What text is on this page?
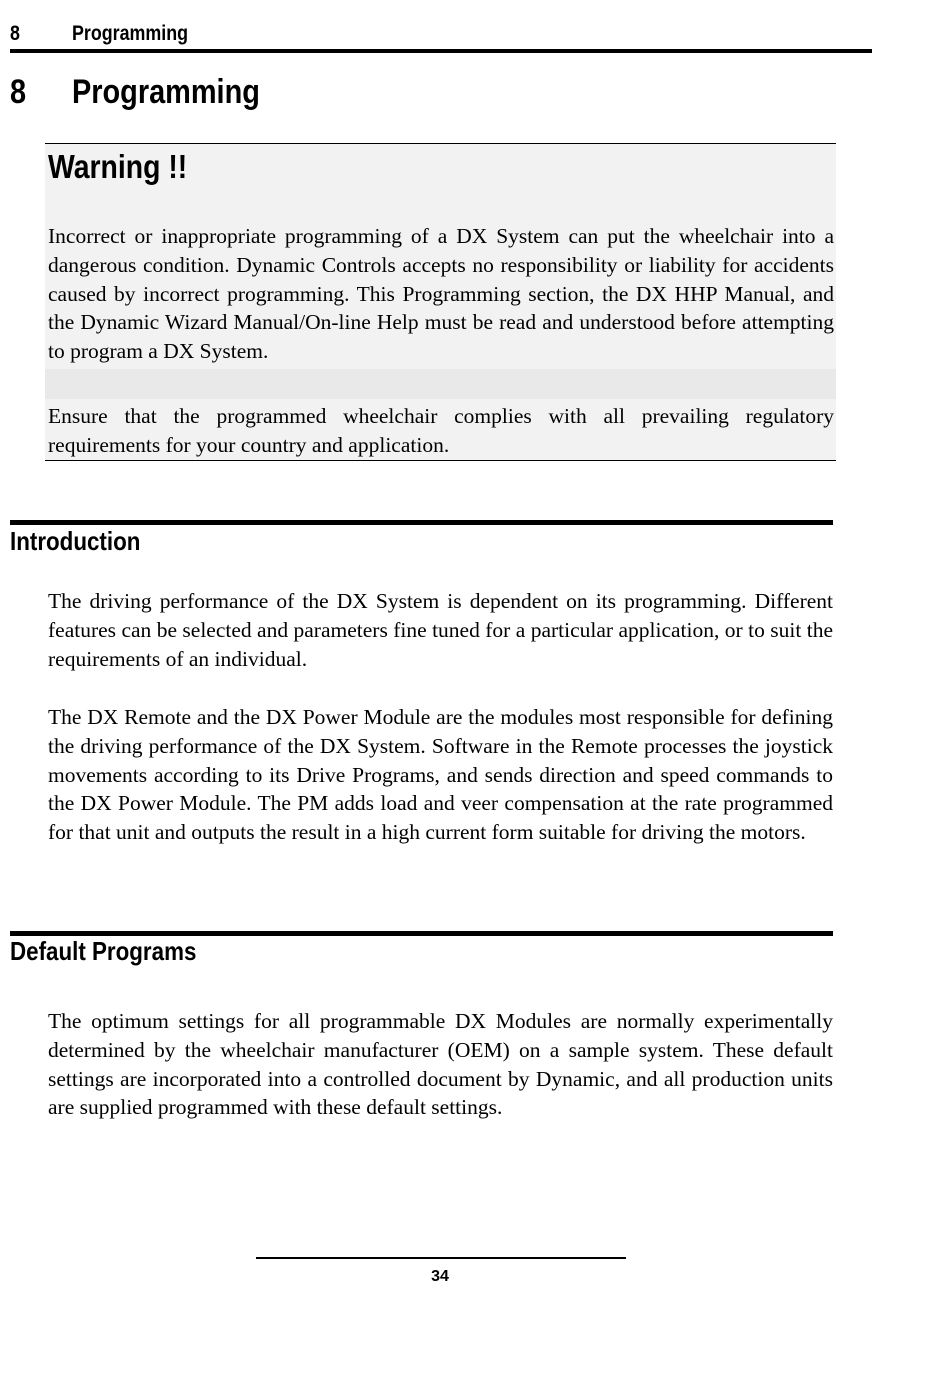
8 Programming
8 Programming
Warning !!
Incorrect or inappropriate programming of a DX System can put the wheelchair into a dangerous condition. Dynamic Controls accepts no responsibility or liability for accidents caused by incorrect programming. This Programming section, the DX HHP Manual, and the Dynamic Wizard Manual/On-line Help must be read and understood before attempting to program a DX System.
Ensure that the programmed wheelchair complies with all prevailing regulatory requirements for your country and application.
Introduction
The driving performance of the DX System is dependent on its programming. Different features can be selected and parameters fine tuned for a particular application, or to suit the requirements of an individual.
The DX Remote and the DX Power Module are the modules most responsible for defining the driving performance of the DX System. Software in the Remote processes the joystick movements according to its Drive Programs, and sends direction and speed commands to the DX Power Module. The PM adds load and veer compensation at the rate programmed for that unit and outputs the result in a high current form suitable for driving the motors.
Default Programs
The optimum settings for all programmable DX Modules are normally experimentally determined by the wheelchair manufacturer (OEM) on a sample system. These default settings are incorporated into a controlled document by Dynamic, and all production units are supplied programmed with these default settings.
34
